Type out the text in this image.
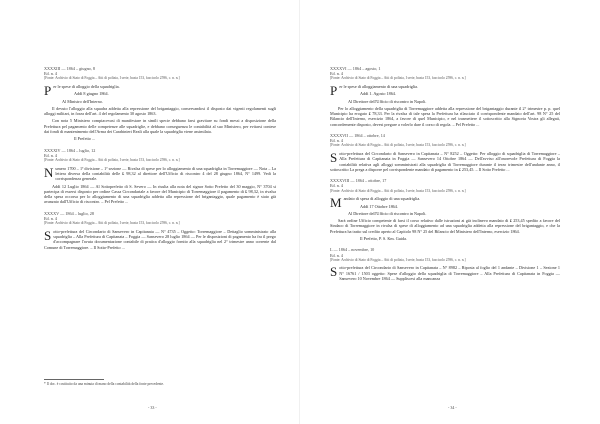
XXXXIII — 1864 – giugno, 8
Ed. n. 4
[Fonte: Archivio di Stato di Foggia – Atti di polizia, I serie, busta 153, fascicolo 2596, c. n. n.]
P er le spese di alloggio della squadriglia.

Addì 8 giugno 1864.

Al Ministro dell'Interno.

Il devuto l'alloggio alla squadra addetta alla repressione del brigantaggio, conservandosi il disposto dai vigenti regolamenti sugli alloggi militari, in forza dell'art. 4 del regolamento 30 agosto 1863.

Con nota 5 Ministero compiacevasi di manifestare in simili specie debbano farsi gravitare su fondi messi a disposizione della Prefettura pel pagamento delle competenze alle squadriglie, e debbano conseguenza le contabilità al suo Ministero, per evitarsi contese dai fondi di mantenimento dell'Arma dei Carabinieri Reali alla quale la squadriglia viene assimilata.

Il Prefetto ...

XXXXIV — 1864 – luglio, 12
Ed. n. 4
[Fonte: Archivio di Stato di Foggia – Atti di polizia, I serie, busta 153, fascicolo 2596, c. n. n.]
N umero 1700 – 1ª divisione – 1ª sezione — Rivalsa di spese per lo alloggiamento di una squadriglia in Torremaggiore — Nota – La lettera diversa della contabilità delle ₤ 98,32 al direttore dell'Ufficio di riscontro 4 del 28 giugno 1864, N° 1499. Vedi la corrispondenza generale.

Addì 12 Luglio 1864 — Al Sottoprefetto di S. Severo — In risulta alla nota del signor Sotto Prefetto del 30 maggio, N° 3704 si partecipa di essersi disposto per ordine Cassa Circondariale a favore del Municipio di Torremaggiore il pagamento di ₤ 98,32, in rivalsa della spesa occorsa per lo alloggiamento di una squadriglia addetta alla repressione del brigantaggio, quale pagamento è stato già avanzato dall'Ufficio di riscontro. – Pel Prefetto ...

XXXXV — 1864 – luglio, 28
Ed. n. 4
[Fonte: Archivio di Stato di Foggia – Atti di polizia, I serie, busta 153, fascicolo 2596, c. n. n.]
S otto-prefettura del Circondario di Sansevero in Capitanata — N° 4735 – Oggetto: Torremaggiore – Dettaglio somministrato alla squadriglia – Alla Prefettura di Capitanata – Foggia — Sansevero 28 luglio 1864 — Per le disposizioni di pagamento ha fra il prego d'accompagnare l'avuta documentazione contabile di pratica d'alloggio fornito alla squadriglia nel 2° trimestre anno corrente dal Comune di Torremaggiore. – Il Sotto-Prefetto ...

* Il doc. è costituito da una minuta di mano della contabilità della fonte precedente.
- 33 -
XXXXVI — 1864 – agosto, 1
Ed. n. 4
[Fonte: Archivio di Stato di Foggia – Atti di polizia, I serie, busta 153, fascicolo 2596, c. n. n.]
P er le spese di alloggiamento di una squadriglia.

Addì 1. Agosto 1864.

Al Direttore dell'Ufficio di riscontro in Napoli.

Per lo alloggiamento della squadriglia di Torremaggiore addetta alla repressione del brigantaggio durante il 2° trimestre p. p. quel Municipio ha erogato ₤ 78,33. Per la rivalsa di tale spesa la Prefettura ha rilasciato il corrispondente mandato dell'art. 98 N° 25 del Bilancio dell'Interno, esercizio 1864, a favore di quel Municipio, e nel trasmettere il sottoscritto alla Signoria Vostra gli allegati, concordemente disposto, devesi pregare a volerlo dare il corso di regola. – Pel Prefetto ...

XXXXVII — 1864 – ottobre, 14
Ed. n. 4
[Fonte: Archivio di Stato di Foggia – Atti di polizia, I serie, busta 153, fascicolo 2596, c. n. n.]
S otto-prefettura del Circondario di Sansevero in Capitanata – N° 8252 – Oggetto: Per alloggio di squadriglia di Torremaggiore – Alla Prefettura di Capitanata in Foggia — Sansevero 14 Ottobre 1864 — Dell'avviso all'onorevole Prefettura di Foggia la contabilità relativa agli alloggi somministrati alla squadriglia di Torremaggiore durante il terzo trimestre dell'andante anno, il sottoscritto La prega a disporre pel corrispondente mandato di pagamento in ₤ 253,45. – Il Sotto Prefetto ...

XXXXVIII — 1864 – ottobre, 17
Ed. n. 4
[Fonte: Archivio di Stato di Foggia – Atti di polizia, I serie, busta 153, fascicolo 2596, c. n. n.]
M andato di spesa di alloggio di una squadriglia.

Addì 17 Ottobre 1864.

Al Direttore dell'Ufficio di riscontro in Napoli.

Sarà ordine Ufficio competente di farsi il corso relativo dalle istruzioni ai già inclinevo mandato di ₤ 253,45 spedito a favore del Sindaco di Torremaggiore in rivalsa di spese di alloggiamento ad una squadriglia addetta alla repressione del brigantaggio, e che la Prefettura ha tratto sul credito aperto al Capitolo 98 N° 25 del Bilancio del Ministero dell'Interno, esercizio 1864.

Il Prefetto, P. S. Km. Guida.

L — 1864 – novembre, 10
Ed. n. 4
[Fonte: Archivio di Stato di Foggia – Atti di polizia, I serie, busta 153, fascicolo 2596, c. n. n.]
S otto-prefettura del Circondario di Sansevero in Capitanata – N° 8982 – Riposta al foglio del 1 andante – Divisione 1 – Sezione 1 N° 16761 / 1503 oggetto: Spese d'alloggio della squadriglia di Torremaggiore – Alla Prefettura di Capitanata in Foggia — Sansevero 10 Novembre 1864 — Suppliscesi alla mancanza

- 34 -
